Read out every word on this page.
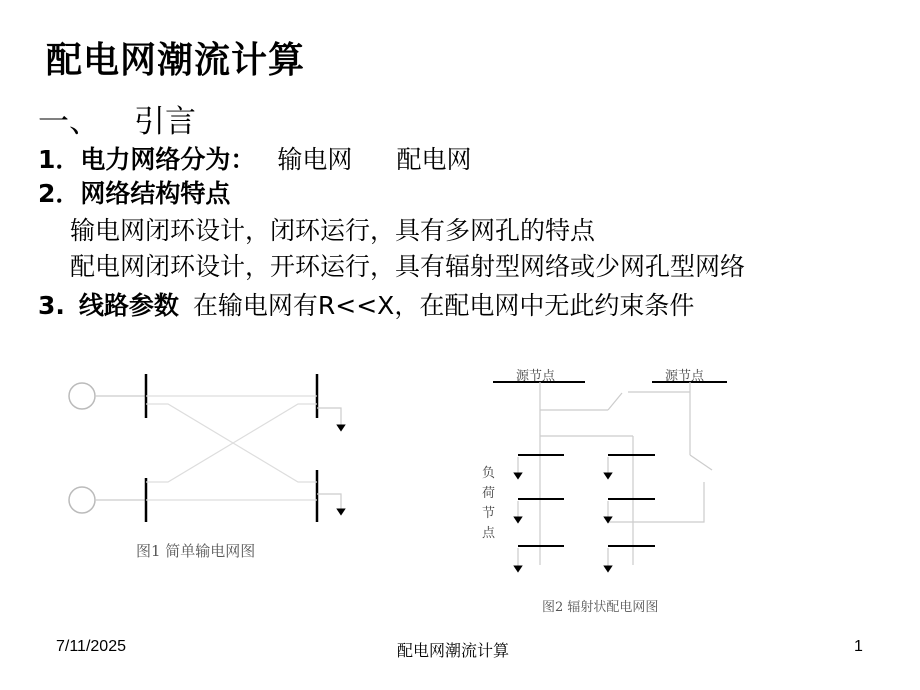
配电网潮流计算
一、 引言
1．电力网络分为： 输电网 配电网
2．网络结构特点
输电网闭环设计，闭环运行，具有多网孔的特点
配电网闭环设计，开环运行，具有辐射型网络或少网孔型网络
3. 线路参数 在输电网有R<<X，在配电网中无此约束条件
图1 简单输电网图
图2 辐射状配电网图
源节点	源节点
负
荷
节
点
7/11/2025	配电网潮流计算	1
